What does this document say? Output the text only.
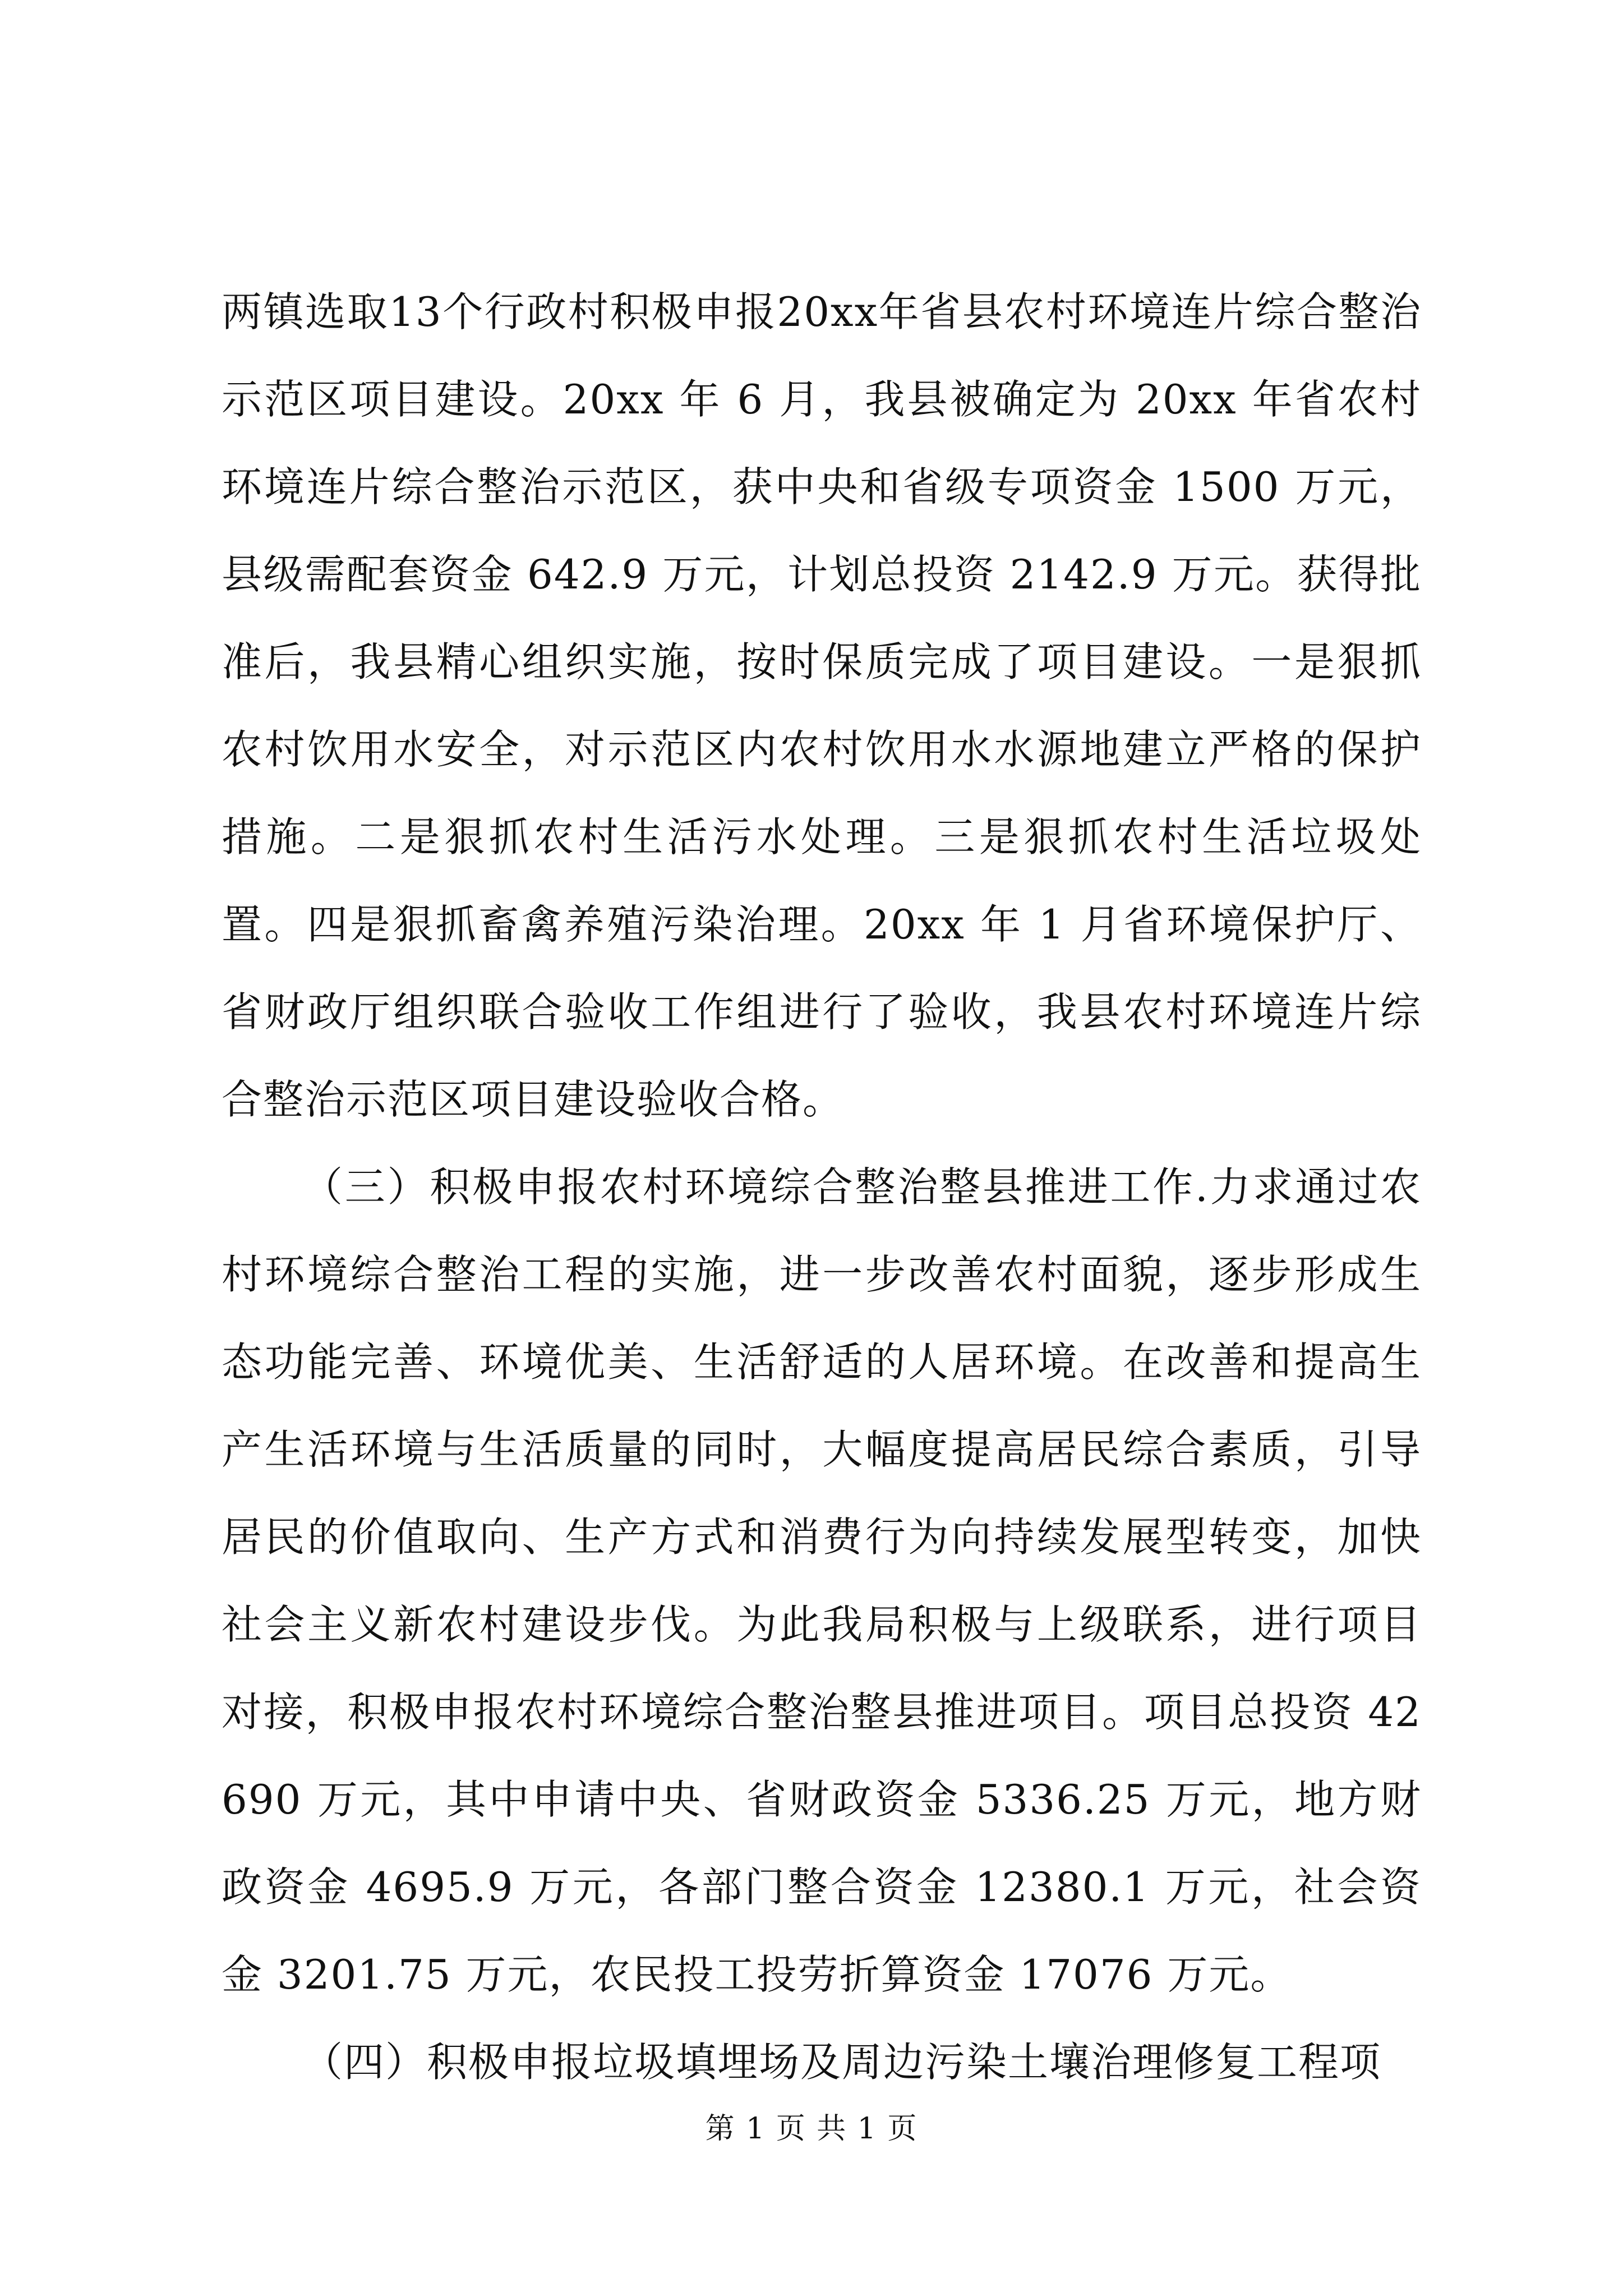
两镇选取13个行政村积极申报20xx年省县农村环境连片综合整治示范区项目建设。20xx 年 6 月，我县被确定为 20xx 年省农村环境连片综合整治示范区，获中央和省级专项资金 1500 万元，县级需配套资金 642.9 万元，计划总投资 2142.9 万元。获得批准后，我县精心组织实施，按时保质完成了项目建设。一是狠抓农村饮用水安全，对示范区内农村饮用水水源地建立严格的保护措施。二是狠抓农村生活污水处理。三是狠抓农村生活垃圾处置。四是狠抓畜禽养殖污染治理。20xx 年 1 月省环境保护厅、省财政厅组织联合验收工作组进行了验收，我县农村环境连片综合整治示范区项目建设验收合格。

（三）积极申报农村环境综合整治整县推进工作.力求通过农村环境综合整治工程的实施，进一步改善农村面貌，逐步形成生态功能完善、环境优美、生活舒适的人居环境。在改善和提高生产生活环境与生活质量的同时，大幅度提高居民综合素质，引导居民的价值取向、生产方式和消费行为向持续发展型转变，加快社会主义新农村建设步伐。为此我局积极与上级联系，进行项目对接，积极申报农村环境综合整治整县推进项目。项目总投资 42690 万元，其中申请中央、省财政资金 5336.25 万元，地方财政资金 4695.9 万元，各部门整合资金 12380.1 万元，社会资金 3201.75 万元，农民投工投劳折算资金 17076 万元。

（四）积极申报垃圾填埋场及周边污染土壤治理修复工程项

第 1 页 共 1 页
